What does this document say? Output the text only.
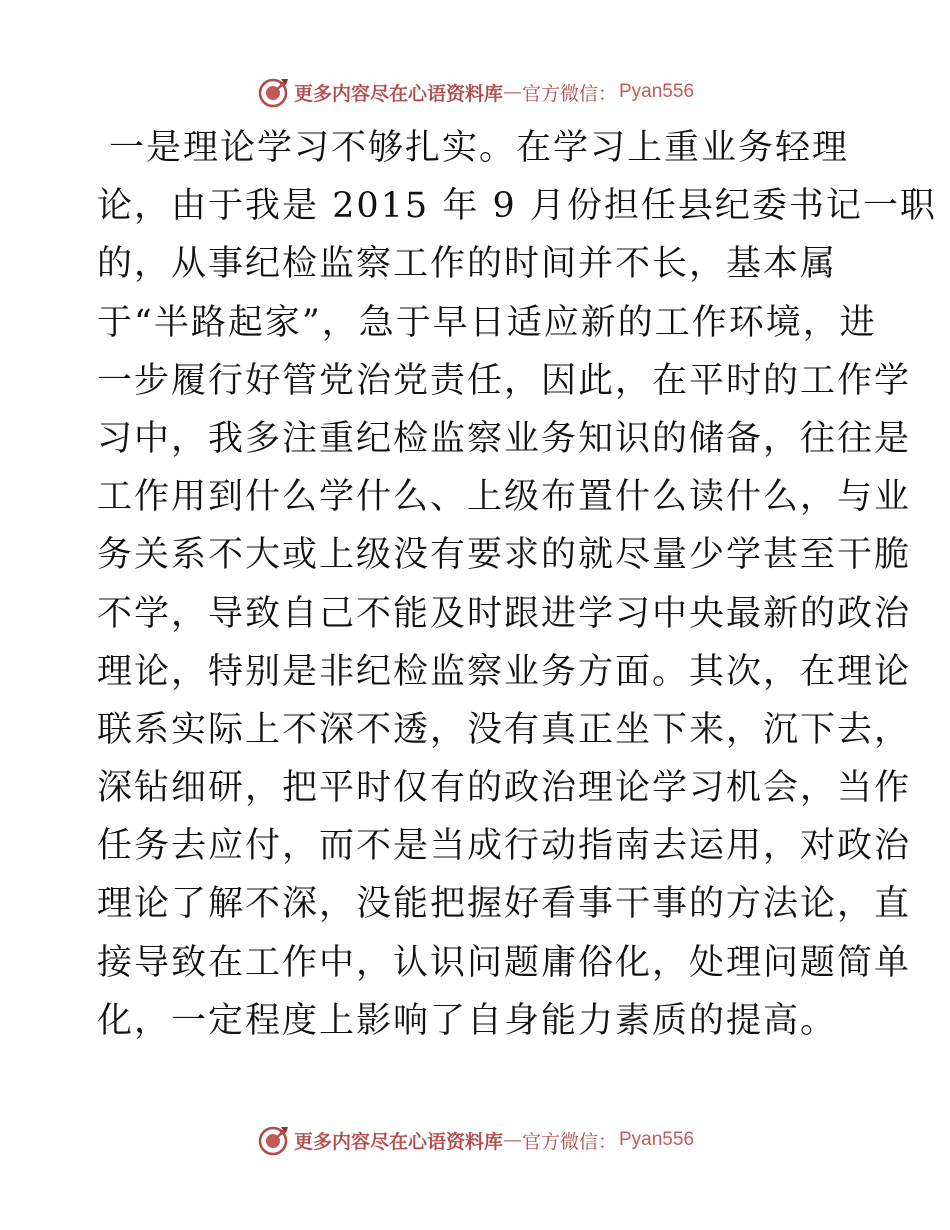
更多内容尽在心语资料库 — 官方微信： Pyan556
一是理论学习不够扎实。在学习上重业务轻理
论，由于我是 2015 年 9 月份担任县纪委书记一职
的，从事纪检监察工作的时间并不长，基本属
于“半路起家”，急于早日适应新的工作环境，进
一步履行好管党治党责任，因此，在平时的工作学
习中，我多注重纪检监察业务知识的储备，往往是
工作用到什么学什么、上级布置什么读什么，与业
务关系不大或上级没有要求的就尽量少学甚至干脆
不学，导致自己不能及时跟进学习中央最新的政治
理论，特别是非纪检监察业务方面。其次，在理论
联系实际上不深不透，没有真正坐下来，沉下去，
深钻细研，把平时仅有的政治理论学习机会，当作
任务去应付，而不是当成行动指南去运用，对政治
理论了解不深，没能把握好看事干事的方法论，直
接导致在工作中，认识问题庸俗化，处理问题简单
化，一定程度上影响了自身能力素质的提高。
更多内容尽在心语资料库 — 官方微信： Pyan556
